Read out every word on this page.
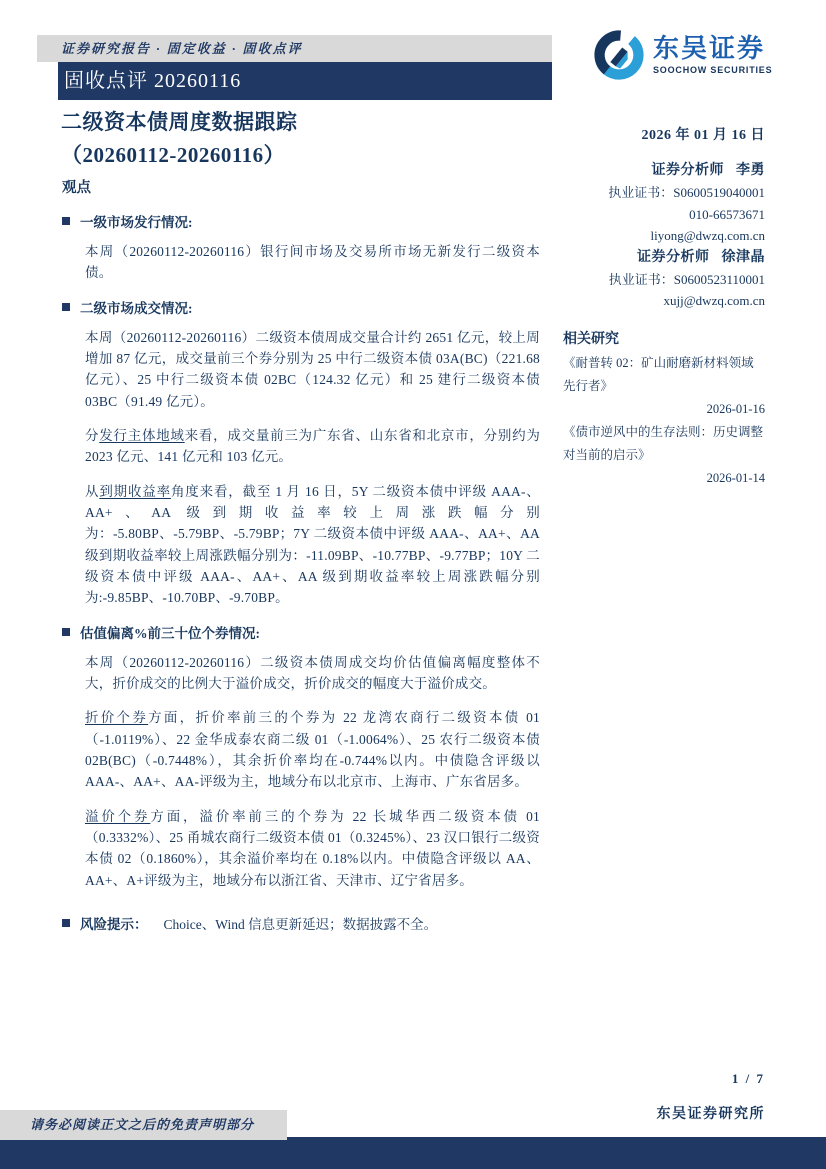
证券研究报告 · 固定收益 · 固收点评
固收点评 20260116
二级资本债周度数据跟踪
（20260112-20260116）
东吴证券
SOOCHOW SECURITIES
2026 年 01 月 16 日
证券分析师 李勇
执业证书：S0600519040001
010-66573671
liyong@dwzq.com.cn
证券分析师 徐津晶
执业证书：S0600523110001
xujj@dwzq.com.cn
相关研究
《耐普转 02：矿山耐磨新材料领域先行者》
2026-01-16
《债市逆风中的生存法则：历史调整对当前的启示》
2026-01-14
观点
一级市场发行情况:

本周（20260112-20260116）银行间市场及交易所市场无新发行二级资本债。

二级市场成交情况:

本周（20260112-20260116）二级资本债周成交量合计约 2651 亿元，较上周增加 87 亿元，成交量前三个券分别为 25 中行二级资本债 03A(BC)（221.68 亿元）、25 中行二级资本债 02BC（124.32 亿元）和 25 建行二级资本债 03BC（91.49 亿元）。

分发行主体地域来看，成交量前三为广东省、山东省和北京市，分别约为 2023 亿元、141 亿元和 103 亿元。

从到期收益率角度来看，截至 1 月 16 日，5Y 二级资本债中评级 AAA-、AA+、AA 级到期收益率较上周涨跌幅分别为：-5.80BP、-5.79BP、-5.79BP；7Y 二级资本债中评级 AAA-、AA+、AA 级到期收益率较上周涨跌幅分别为：-11.09BP、-10.77BP、-9.77BP；10Y 二级资本债中评级 AAA-、AA+、AA 级到期收益率较上周涨跌幅分别为:-9.85BP、-10.70BP、-9.70BP。

估值偏离%前三十位个券情况:

本周（20260112-20260116）二级资本债周成交均价估值偏离幅度整体不大，折价成交的比例大于溢价成交，折价成交的幅度大于溢价成交。

折价个券方面，折价率前三的个券为 22 龙湾农商行二级资本债 01（-1.0119%）、22 金华成泰农商二级 01（-1.0064%）、25 农行二级资本债 02B(BC)（-0.7448%），其余折价率均在-0.744%以内。中债隐含评级以 AAA-、AA+、AA-评级为主，地域分布以北京市、上海市、广东省居多。

溢价个券方面，溢价率前三的个券为 22 长城华西二级资本债 01（0.3332%）、25 甬城农商行二级资本债 01（0.3245%）、23 汉口银行二级资本债 02（0.1860%），其余溢价率均在 0.18%以内。中债隐含评级以 AA、AA+、A+评级为主，地域分布以浙江省、天津市、辽宁省居多。

风险提示： Choice、Wind 信息更新延迟；数据披露不全。
1 / 7
东吴证券研究所
请务必阅读正文之后的免责声明部分
